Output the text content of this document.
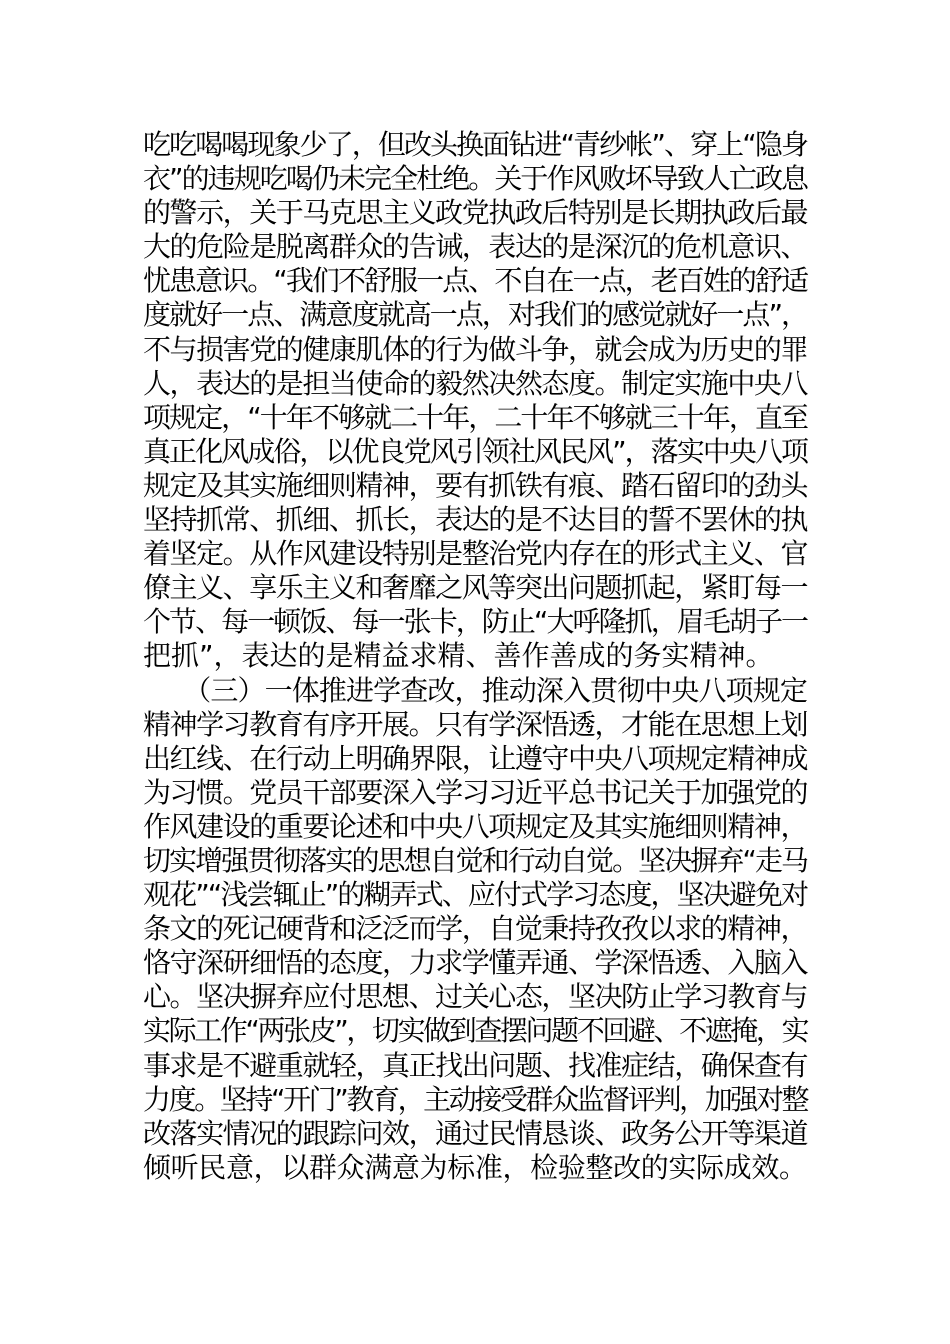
吃吃喝喝现象少了，但改头换面钻进“青纱帐”、穿上“隐身
衣”的违规吃喝仍未完全杜绝。关于作风败坏导致人亡政息
的警示，关于马克思主义政党执政后特别是长期执政后最
大的危险是脱离群众的告诫，表达的是深沉的危机意识、
忧患意识。“我们不舒服一点、不自在一点，老百姓的舒适
度就好一点、满意度就高一点，对我们的感觉就好一点”，
不与损害党的健康肌体的行为做斗争，就会成为历史的罪
人，表达的是担当使命的毅然决然态度。制定实施中央八
项规定，“十年不够就二十年，二十年不够就三十年，直至
真正化风成俗，以优良党风引领社风民风”，落实中央八项
规定及其实施细则精神，要有抓铁有痕、踏石留印的劲头
坚持抓常、抓细、抓长，表达的是不达目的誓不罢休的执
着坚定。从作风建设特别是整治党内存在的形式主义、官
僚主义、享乐主义和奢靡之风等突出问题抓起，紧盯每一
个节、每一顿饭、每一张卡，防止“大呼隆抓，眉毛胡子一
把抓”，表达的是精益求精、善作善成的务实精神。
　　（三）一体推进学查改，推动深入贯彻中央八项规定
精神学习教育有序开展。只有学深悟透，才能在思想上划
出红线、在行动上明确界限，让遵守中央八项规定精神成
为习惯。党员干部要深入学习习近平总书记关于加强党的
作风建设的重要论述和中央八项规定及其实施细则精神，
切实增强贯彻落实的思想自觉和行动自觉。坚决摒弃“走马
观花”“浅尝辄止”的糊弄式、应付式学习态度，坚决避免对
条文的死记硬背和泛泛而学，自觉秉持孜孜以求的精神，
恪守深研细悟的态度，力求学懂弄通、学深悟透、入脑入
心。坚决摒弃应付思想、过关心态，坚决防止学习教育与
实际工作“两张皮”，切实做到查摆问题不回避、不遮掩，实
事求是不避重就轻，真正找出问题、找准症结，确保查有
力度。坚持“开门”教育，主动接受群众监督评判，加强对整
改落实情况的跟踪问效，通过民情恳谈、政务公开等渠道
倾听民意，以群众满意为标准，检验整改的实际成效。
